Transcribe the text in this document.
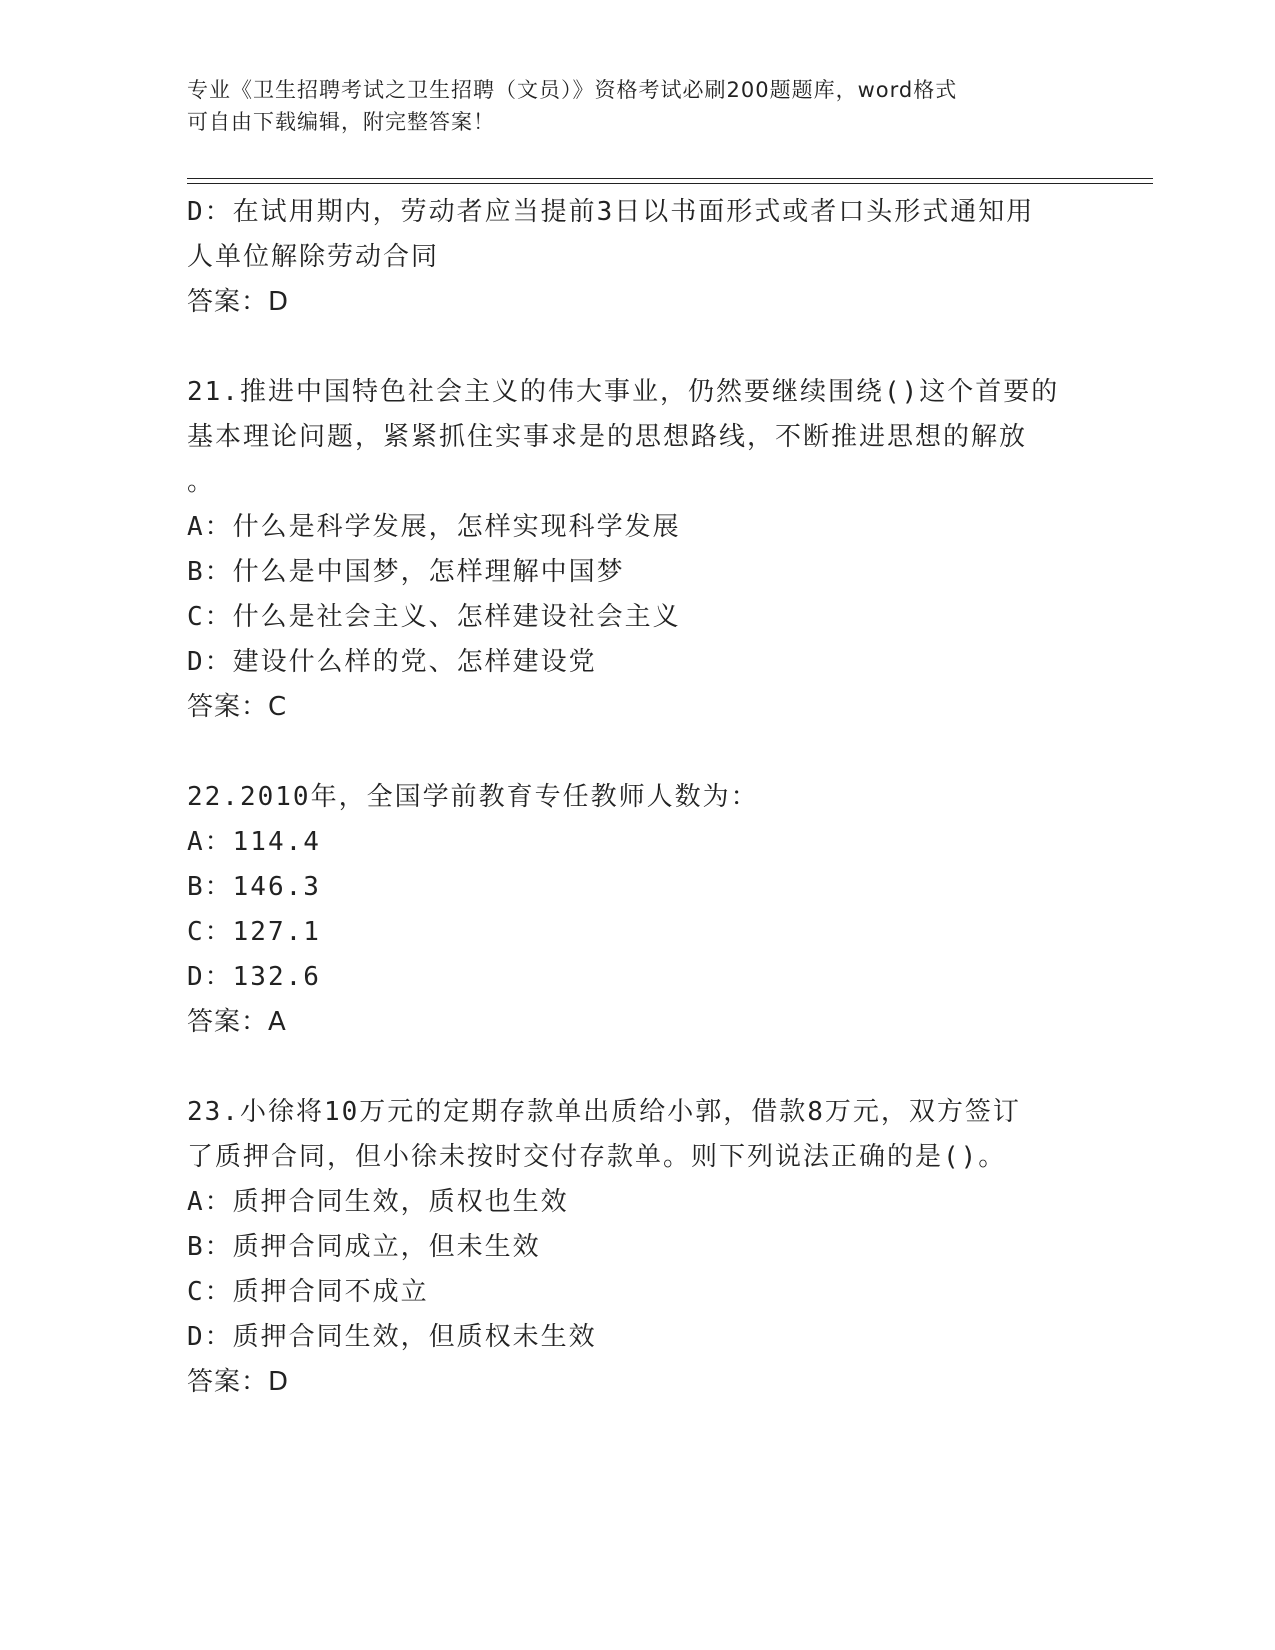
专业《卫生招聘考试之卫生招聘（文员）》资格考试必刷200题题库，word格式
可自由下载编辑，附完整答案！
D：在试用期内，劳动者应当提前3日以书面形式或者口头形式通知用
人单位解除劳动合同
答案：D
21.推进中国特色社会主义的伟大事业，仍然要继续围绕()这个首要的
基本理论问题，紧紧抓住实事求是的思想路线，不断推进思想的解放
。
A：什么是科学发展，怎样实现科学发展
B：什么是中国梦，怎样理解中国梦
C：什么是社会主义、怎样建设社会主义
D：建设什么样的党、怎样建设党
答案：C
22.2010年，全国学前教育专任教师人数为：
A：114.4
B：146.3
C：127.1
D：132.6
答案：A
23.小徐将10万元的定期存款单出质给小郭，借款8万元，双方签订
了质押合同，但小徐未按时交付存款单。则下列说法正确的是()。
A：质押合同生效，质权也生效
B：质押合同成立，但未生效
C：质押合同不成立
D：质押合同生效，但质权未生效
答案：D
